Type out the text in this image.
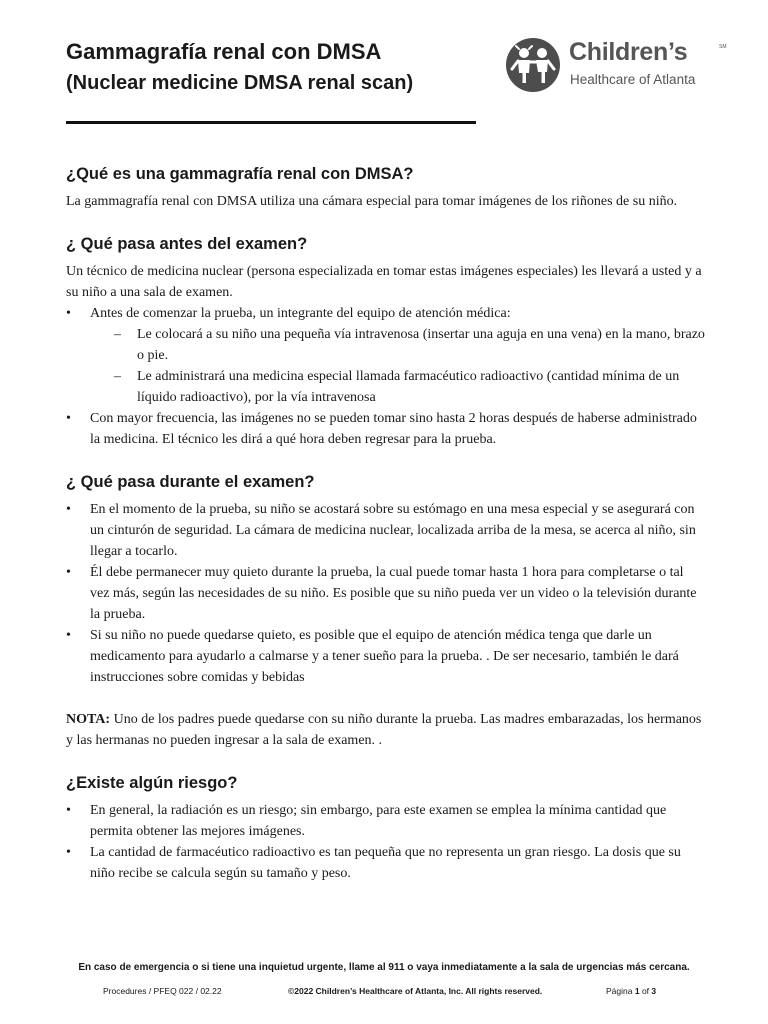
Gammagrafía renal con DMSA
(Nuclear medicine DMSA renal scan)
Children’s	SM
Healthcare of Atlanta
¿Qué es una gammagrafía renal con DMSA?

La gammagrafía renal con DMSA utiliza una cámara especial para tomar imágenes de los riñones de su niño.

¿ Qué pasa antes del examen?

Un técnico de medicina nuclear (persona especializada en tomar estas imágenes especiales) les llevará a usted y a su niño a una sala de examen.

• Antes de comenzar la prueba, un integrante del equipo de atención médica:
– Le colocará a su niño una pequeña vía intravenosa (insertar una aguja en una vena) en la mano, brazo o pie.
– Le administrará una medicina especial llamada farmacéutico radioactivo (cantidad mínima de un líquido radioactivo), por la vía intravenosa
• Con mayor frecuencia, las imágenes no se pueden tomar sino hasta 2 horas después de haberse administrado la medicina. El técnico les dirá a qué hora deben regresar para la prueba.
¿ Qué pasa durante el examen?
• En el momento de la prueba, su niño se acostará sobre su estómago en una mesa especial y se asegurará con un cinturón de seguridad. La cámara de medicina nuclear, localizada arriba de la mesa, se acerca al niño, sin llegar a tocarlo.
• Él debe permanecer muy quieto durante la prueba, la cual puede tomar hasta 1 hora para completarse o tal vez más, según las necesidades de su niño. Es posible que su niño pueda ver un video o la televisión durante la prueba.
• Si su niño no puede quedarse quieto, es posible que el equipo de atención médica tenga que darle un medicamento para ayudarlo a calmarse y a tener sueño para la prueba. . De ser necesario, también le dará instrucciones sobre comidas y bebidas

NOTA: Uno de los padres puede quedarse con su niño durante la prueba. Las madres embarazadas, los hermanos y las hermanas no pueden ingresar a la sala de examen. .

¿Existe algún riesgo?
• En general, la radiación es un riesgo; sin embargo, para este examen se emplea la mínima cantidad que permita obtener las mejores imágenes.
• La cantidad de farmacéutico radioactivo es tan pequeña que no representa un gran riesgo. La dosis que su niño recibe se calcula según su tamaño y peso.
En caso de emergencia o si tiene una inquietud urgente, llame al 911 o vaya inmediatamente a la sala de urgencias más cercana.
Procedures / PFEQ 022 / 02.22	©2022 Children’s Healthcare of Atlanta, Inc. All rights reserved.	Página 1 of 3
